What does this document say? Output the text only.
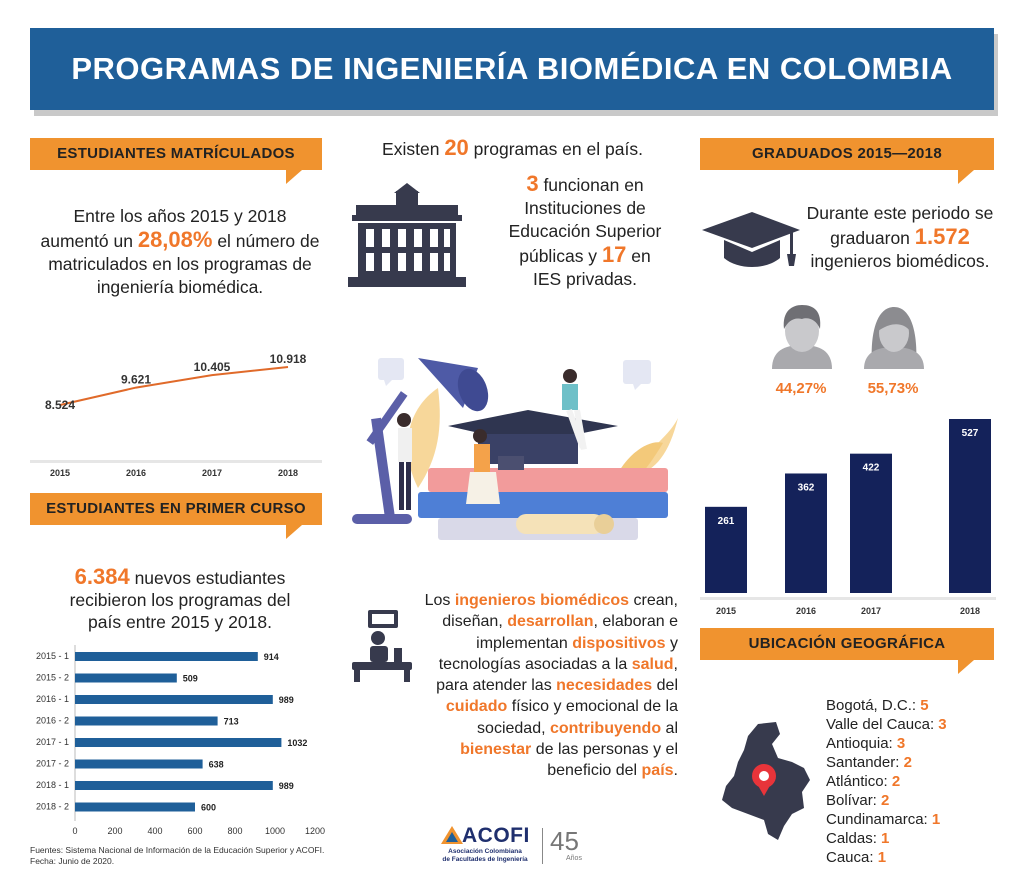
PROGRAMAS DE INGENIERÍA BIOMÉDICA EN COLOMBIA
ESTUDIANTES MATRÍCULADOS
Entre los años 2015 y 2018 aumentó un 28,08% el número de matriculados en los programas de ingeniería biomédica.
8.524
9.621
10.405
10.918
2015	2016	2017	2018
ESTUDIANTES EN PRIMER CURSO
6.384 nuevos estudiantes
recibieron los programas del
país entre 2015 y 2018.
2015 - 1	914
2015 - 2	509
2016 - 1	989
2016 - 2	713
2017 - 1	1032
2017 - 2	638
2018 - 1	989
2018 - 2	600
0	200	400	600	800 1000 1200
Fuentes: Sistema Nacional de Información de la Educación Superior y ACOFI.
Fecha: Junio de 2020.
Existen 20 programas en el país.
3 funcionan en
Instituciones de
Educación Superior
públicas y 17 en
IES privadas.
Los ingenieros biomédicos crean, diseñan, desarrollan, elaboran e implementan dispositivos y tecnologías asociadas a la salud, para atender las necesidades del cuidado físico y emocional de la sociedad, contribuyendo al bienestar de las personas y el beneficio del país.
ACOFI
Asociación Colombiana
de Facultades de Ingeniería
45
Años
GRADUADOS 2015—2018
Durante este periodo se
graduaron 1.572
ingenieros biomédicos.
44,27%	55,73%
261
362
422
527
2015	2016	2017	2018
UBICACIÓN GEOGRÁFICA
Bogotá, D.C.: 5
Valle del Cauca: 3
Antioquia: 3
Santander: 2
Atlántico: 2
Bolívar: 2
Cundinamarca: 1
Caldas: 1
Cauca: 1
